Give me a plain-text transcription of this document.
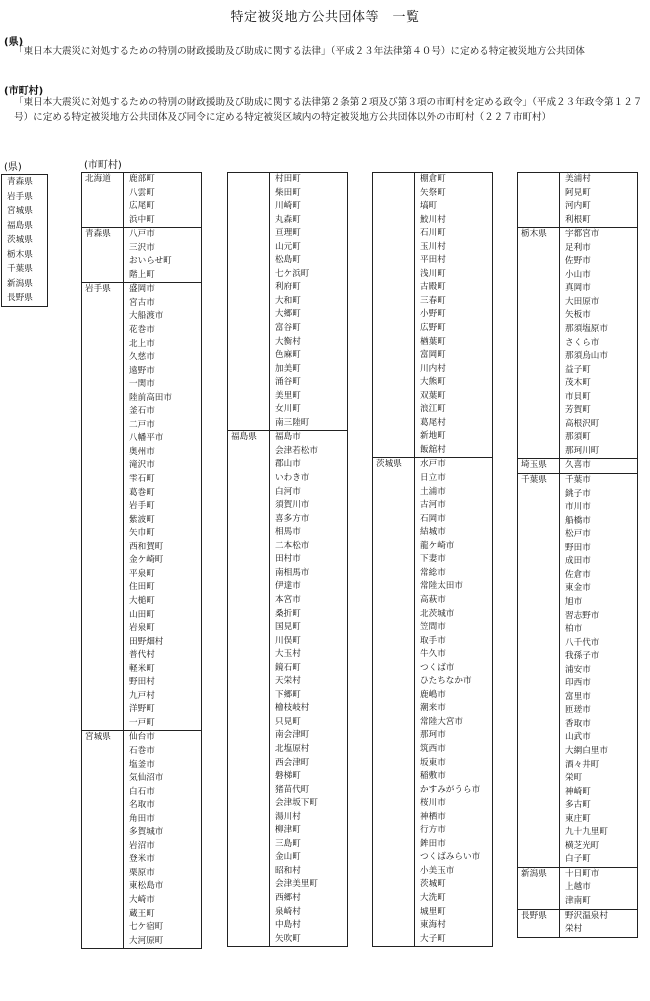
特定被災地方公共団体等　一覧
(県)
「東日本大震災に対処するための特別の財政援助及び助成に関する法律」（平成２３年法律第４０号）に定める特定被災地方公共団体
(市町村)
「東日本大震災に対処するための特別の財政援助及び助成に関する法律第２条第２項及び第３項の市町村を定める政令」（平成２３年政令第１２７号）に定める特定被災地方公共団体及び同令に定める特定被災区域内の特定被災地方公共団体以外の市町村（２２７市町村）
(県)	(市町村)
青森県
岩手県
宮城県
福島県
茨城県
栃木県
千葉県
新潟県
長野県
北海道	鹿部町
	八雲町
	広尾町
	浜中町
青森県	八戸市
	三沢市
	おいらせ町
	階上町
岩手県	盛岡市
	宮古市
	大船渡市
	花巻市
	北上市
	久慈市
	遠野市
	一関市
	陸前高田市
	釜石市
	二戸市
	八幡平市
	奥州市
	滝沢市
	雫石町
	葛巻町
	岩手町
	紫波町
	矢巾町
	西和賀町
	金ケ崎町
	平泉町
	住田町
	大槌町
	山田町
	岩泉町
	田野畑村
	普代村
	軽米町
	野田村
	九戸村
	洋野町
	一戸町
宮城県	仙台市
	石巻市
	塩釜市
	気仙沼市
	白石市
	名取市
	角田市
	多賀城市
	岩沼市
	登米市
	栗原市
	東松島市
	大崎市
	蔵王町
	七ケ宿町
	大河原町
	村田町
	柴田町
	川崎町
	丸森町
	亘理町
	山元町
	松島町
	七ケ浜町
	利府町
	大和町
	大郷町
	富谷町
	大衡村
	色麻町
	加美町
	涌谷町
	美里町
	女川町
	南三陸町
福島県	福島市
	会津若松市
	郡山市
	いわき市
	白河市
	須賀川市
	喜多方市
	相馬市
	二本松市
	田村市
	南相馬市
	伊達市
	本宮市
	桑折町
	国見町
	川俣町
	大玉村
	鏡石町
	天栄村
	下郷町
	檜枝岐村
	只見町
	南会津町
	北塩原村
	西会津町
	磐梯町
	猪苗代町
	会津坂下町
	湯川村
	柳津町
	三島町
	金山町
	昭和村
	会津美里町
	西郷村
	泉崎村
	中島村
	矢吹町
	棚倉町
	矢祭町
	塙町
	鮫川村
	石川町
	玉川村
	平田村
	浅川町
	古殿町
	三春町
	小野町
	広野町
	楢葉町
	富岡町
	川内村
	大熊町
	双葉町
	浪江町
	葛尾村
	新地町
	飯舘村
茨城県	水戸市
	日立市
	土浦市
	古河市
	石岡市
	結城市
	龍ケ崎市
	下妻市
	常総市
	常陸太田市
	高萩市
	北茨城市
	笠間市
	取手市
	牛久市
	つくば市
	ひたちなか市
	鹿嶋市
	潮来市
	常陸大宮市
	那珂市
	筑西市
	坂東市
	稲敷市
	かすみがうら市
	桜川市
	神栖市
	行方市
	鉾田市
	つくばみらい市
	小美玉市
	茨城町
	大洗町
	城里町
	東海村
	大子町
	美浦村
	阿見町
	河内町
	利根町
栃木県	宇都宮市
	足利市
	佐野市
	小山市
	真岡市
	大田原市
	矢板市
	那須塩原市
	さくら市
	那須烏山市
	益子町
	茂木町
	市貝町
	芳賀町
	高根沢町
	那須町
	那珂川町
埼玉県	久喜市
千葉県	千葉市
	銚子市
	市川市
	船橋市
	松戸市
	野田市
	成田市
	佐倉市
	東金市
	旭市
	習志野市
	柏市
	八千代市
	我孫子市
	浦安市
	印西市
	富里市
	匝瑳市
	香取市
	山武市
	大網白里市
	酒々井町
	栄町
	神崎町
	多古町
	東庄町
	九十九里町
	横芝光町
	白子町
新潟県	十日町市
	上越市
	津南町
長野県	野沢温泉村
	栄村
